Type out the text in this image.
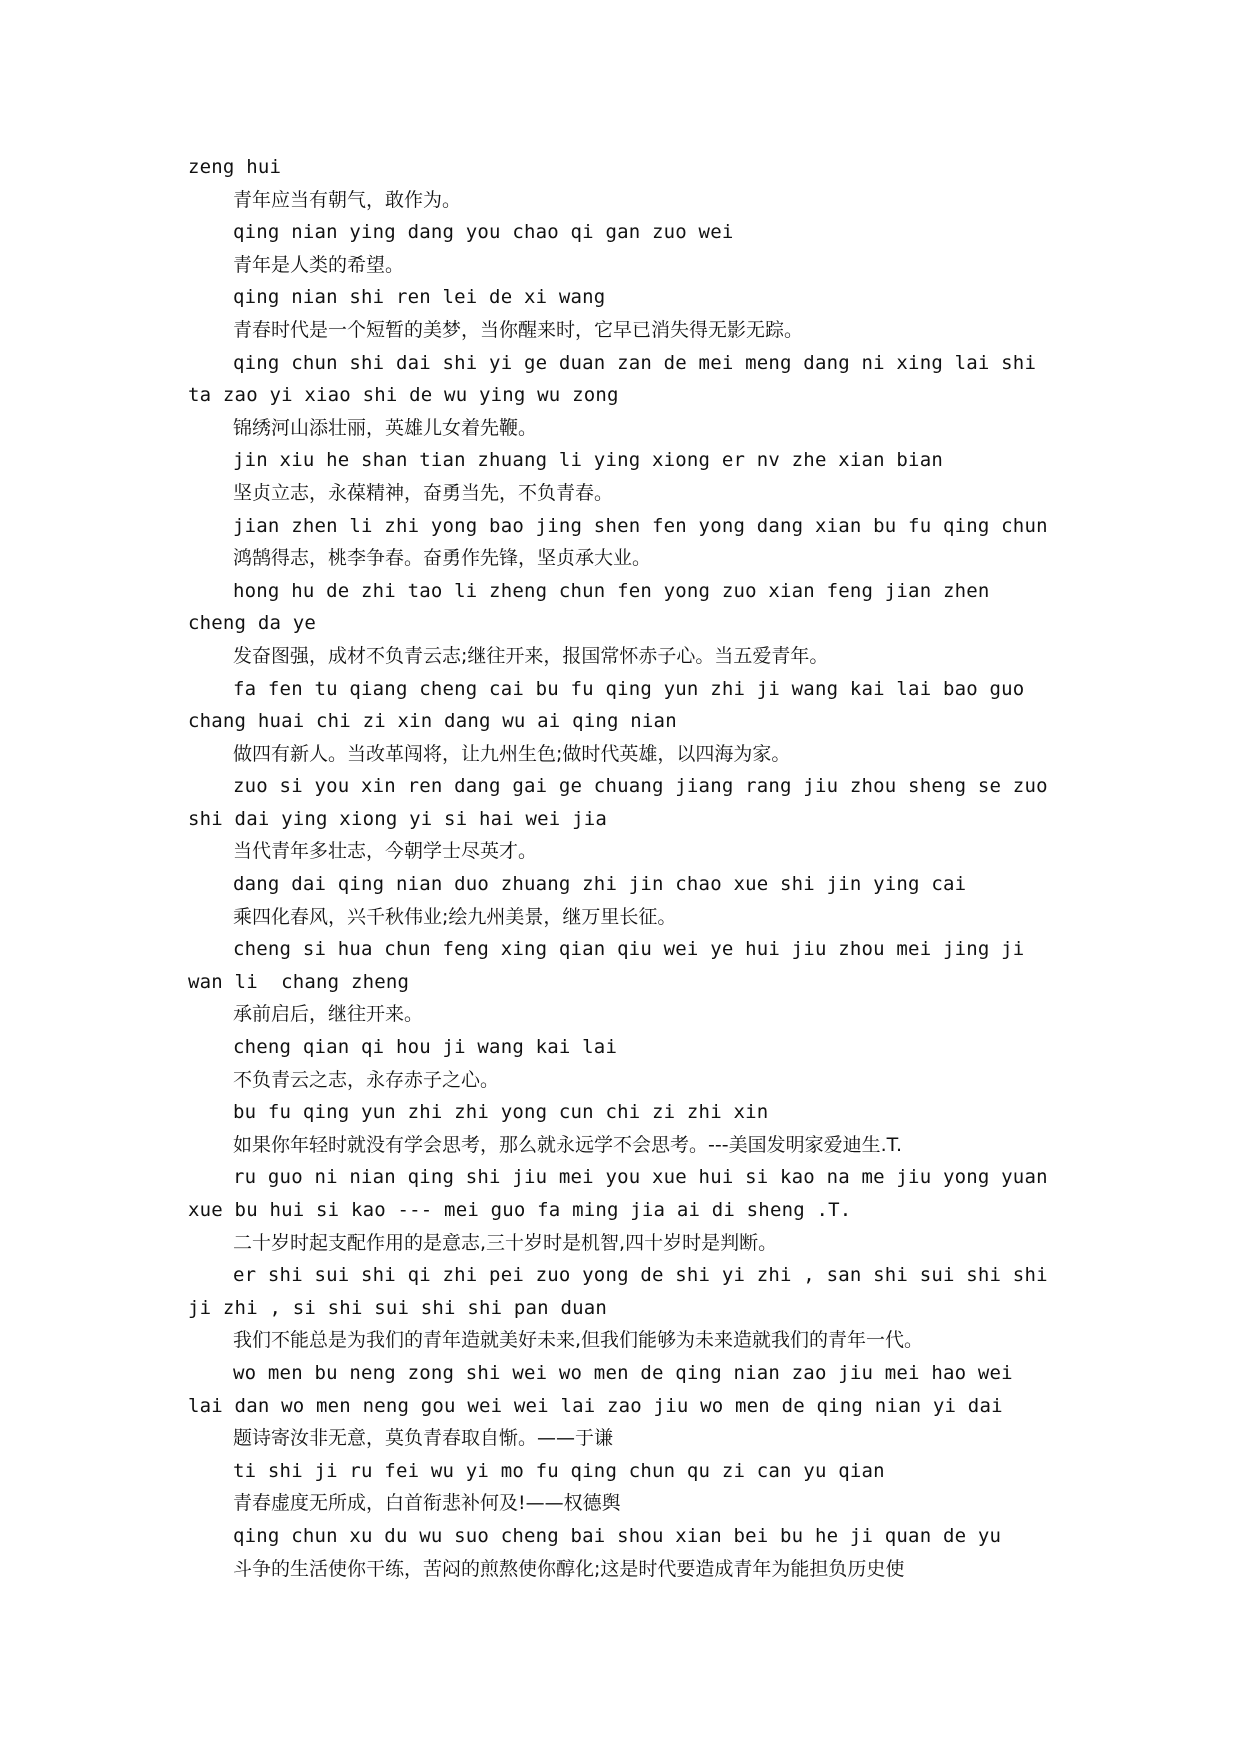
zeng hui
青年应当有朝气，敢作为。
qing nian ying dang you chao qi gan zuo wei
青年是人类的希望。
qing nian shi ren lei de xi wang
青春时代是一个短暂的美梦，当你醒来时，它早已消失得无影无踪。
qing chun shi dai shi yi ge duan zan de mei meng dang ni xing lai shi ta zao yi xiao shi de wu ying wu zong
锦绣河山添壮丽，英雄儿女着先鞭。
jin xiu he shan tian zhuang li ying xiong er nv zhe xian bian
坚贞立志，永葆精神，奋勇当先，不负青春。
jian zhen li zhi yong bao jing shen fen yong dang xian bu fu qing chun
鸿鹄得志，桃李争春。奋勇作先锋，坚贞承大业。
hong hu de zhi tao li zheng chun fen yong zuo xian feng jian zhen cheng da ye
发奋图强，成材不负青云志;继往开来，报国常怀赤子心。当五爱青年。
fa fen tu qiang cheng cai bu fu qing yun zhi ji wang kai lai bao guo chang huai chi zi xin dang wu ai qing nian
做四有新人。当改革闯将，让九州生色;做时代英雄，以四海为家。
zuo si you xin ren dang gai ge chuang jiang rang jiu zhou sheng se zuo shi dai ying xiong yi si hai wei jia
当代青年多壮志，今朝学士尽英才。
dang dai qing nian duo zhuang zhi jin chao xue shi jin ying cai
乘四化春风，兴千秋伟业;绘九州美景，继万里长征。
cheng si hua chun feng xing qian qiu wei ye hui jiu zhou mei jing ji wan li  chang zheng
承前启后，继往开来。
cheng qian qi hou ji wang kai lai
不负青云之志，永存赤子之心。
bu fu qing yun zhi zhi yong cun chi zi zhi xin
如果你年轻时就没有学会思考，那么就永远学不会思考。---美国发明家爱迪生.T.
ru guo ni nian qing shi jiu mei you xue hui si kao na me jiu yong yuan xue bu hui si kao --- mei guo fa ming jia ai di sheng .T.
二十岁时起支配作用的是意志,三十岁时是机智,四十岁时是判断。
er shi sui shi qi zhi pei zuo yong de shi yi zhi , san shi sui shi shi ji zhi , si shi sui shi shi pan duan
我们不能总是为我们的青年造就美好未来,但我们能够为未来造就我们的青年一代。
wo men bu neng zong shi wei wo men de qing nian zao jiu mei hao wei lai dan wo men neng gou wei wei lai zao jiu wo men de qing nian yi dai
题诗寄汝非无意，莫负青春取自惭。——于谦
ti shi ji ru fei wu yi mo fu qing chun qu zi can yu qian
青春虚度无所成，白首衔悲补何及!——权德舆
qing chun xu du wu suo cheng bai shou xian bei bu he ji quan de yu
斗争的生活使你干练，苦闷的煎熬使你醇化;这是时代要造成青年为能担负历史使
